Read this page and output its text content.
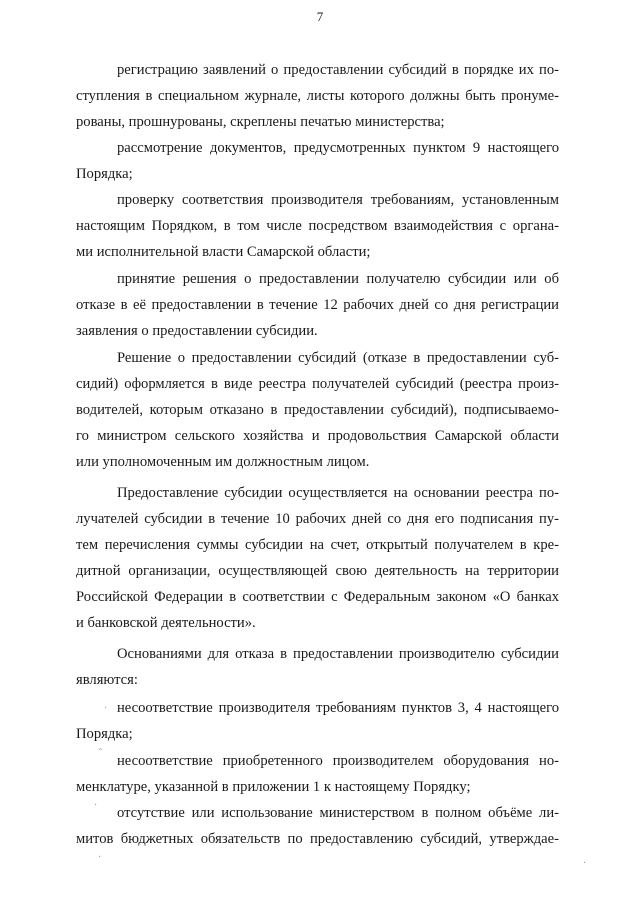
7
регистрацию заявлений о предоставлении субсидий в порядке их по-
ступления в специальном журнале, листы которого должны быть пронуме-
рованы, прошнурованы, скреплены печатью министерства;
рассмотрение документов, предусмотренных пунктом 9 настоящего
Порядка;
проверку соответствия производителя требованиям, установленным
настоящим Порядком, в том числе посредством взаимодействия с органа-
ми исполнительной власти Самарской области;
принятие решения о предоставлении получателю субсидии или об
отказе в её предоставлении в течение 12 рабочих дней со дня регистрации
заявления о предоставлении субсидии.
Решение о предоставлении субсидий (отказе в предоставлении суб-
сидий) оформляется в виде реестра получателей субсидий (реестра произ-
водителей, которым отказано в предоставлении субсидий), подписываемо-
го министром сельского хозяйства и продовольствия Самарской области
или уполномоченным им должностным лицом.
Предоставление субсидии осуществляется на основании реестра по-
лучателей субсидии в течение 10 рабочих дней со дня его подписания пу-
тем перечисления суммы субсидии на счет, открытый получателем в кре-
дитной организации, осуществляющей свою деятельность на территории
Российской Федерации в соответствии с Федеральным законом «О банках
и банковской деятельности».
Основаниями для отказа в предоставлении производителю субсидии
являются:
несоответствие производителя требованиям пунктов 3, 4 настоящего
Порядка;
несоответствие приобретенного производителем оборудования но-
менклатуре, указанной в приложении 1 к настоящему Порядку;
отсутствие или использование министерством в полном объёме ли-
митов бюджетных обязательств по предоставлению субсидий, утверждае-
·
ˆ
·
·
·
